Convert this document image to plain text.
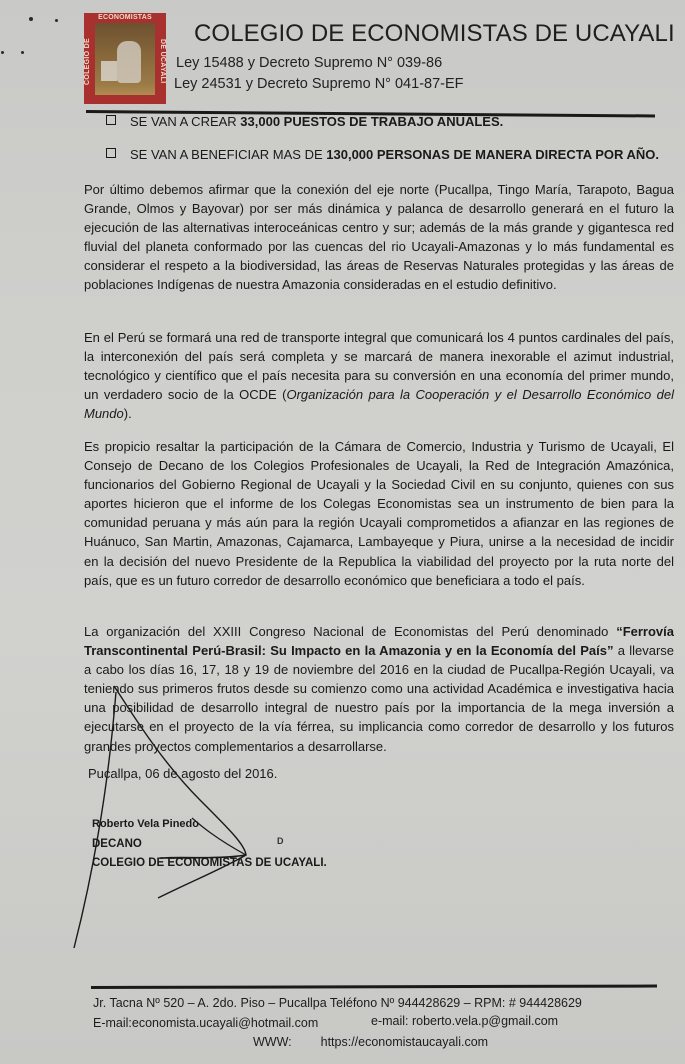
ECONOMISTAS
COLEGIO DE	DE UCAYALI
COLEGIO DE ECONOMISTAS DE UCAYALI
Ley 15488 y Decreto Supremo N° 039-86
Ley 24531 y Decreto Supremo N° 041-87-EF
SE VAN A CREAR 33,000 PUESTOS DE TRABAJO ANUALES.
SE VAN A BENEFICIAR MAS DE 130,000 PERSONAS DE MANERA DIRECTA POR AÑO.
Por último debemos afirmar que la conexión del eje norte (Pucallpa, Tingo María, Tarapoto, Bagua Grande, Olmos y Bayovar) por ser más dinámica y palanca de desarrollo generará en el futuro la ejecución de las alternativas interoceánicas centro y sur; además de la más grande y gigantesca red fluvial del planeta conformado por las cuencas del rio Ucayali-Amazonas y lo más fundamental es considerar el respeto a la biodiversidad, las áreas de Reservas Naturales protegidas y las áreas de poblaciones Indígenas de nuestra Amazonia consideradas en el estudio definitivo.
En el Perú se formará una red de transporte integral que comunicará los 4 puntos cardinales del país, la interconexión del país será completa y se marcará de manera inexorable el azimut industrial, tecnológico y científico que el país necesita para su conversión en una economía del primer mundo, un verdadero socio de la OCDE (Organización para la Cooperación y el Desarrollo Económico del Mundo).
Es propicio resaltar la participación de la Cámara de Comercio, Industria y Turismo de Ucayali, El Consejo de Decano de los Colegios Profesionales de Ucayali, la Red de Integración Amazónica, funcionarios del Gobierno Regional de Ucayali y la Sociedad Civil en su conjunto, quienes con sus aportes hicieron que el informe de los Colegas Economistas sea un instrumento de bien para la comunidad peruana y más aún para la región Ucayali comprometidos a afianzar en las regiones de Huánuco, San Martin, Amazonas, Cajamarca, Lambayeque y Piura, unirse a la necesidad de incidir en la decisión del nuevo Presidente de la Republica la viabilidad del proyecto por la ruta norte del país, que es un futuro corredor de desarrollo económico que beneficiara a todo el país.
La organización del XXIII Congreso Nacional de Economistas del Perú denominado “Ferrovía Transcontinental Perú-Brasil: Su Impacto en la Amazonia y en la Economía del País” a llevarse a cabo los días 16, 17, 18 y 19 de noviembre del 2016 en la ciudad de Pucallpa-Región Ucayali, va teniendo sus primeros frutos desde su comienzo como una actividad Académica e investigativa hacia una posibilidad de desarrollo integral de nuestro país por la importancia de la mega inversión a ejecutarse en el proyecto de la vía férrea, su implicancia como corredor de desarrollo y los futuros grandes proyectos complementarios a desarrollarse.
Pucallpa, 06 de agosto del 2016.
Roberto Vela Pinedo
DECANO
COLEGIO DE ECONOMISTAS DE UCAYALI.
D
Jr. Tacna Nº 520 – A. 2do. Piso – Pucallpa Teléfono Nº 944428629 – RPM: # 944428629
E-mail:economista.ucayali@hotmail.com	e-mail: roberto.vela.p@gmail.com
WWW: https://economistaucayali.com
